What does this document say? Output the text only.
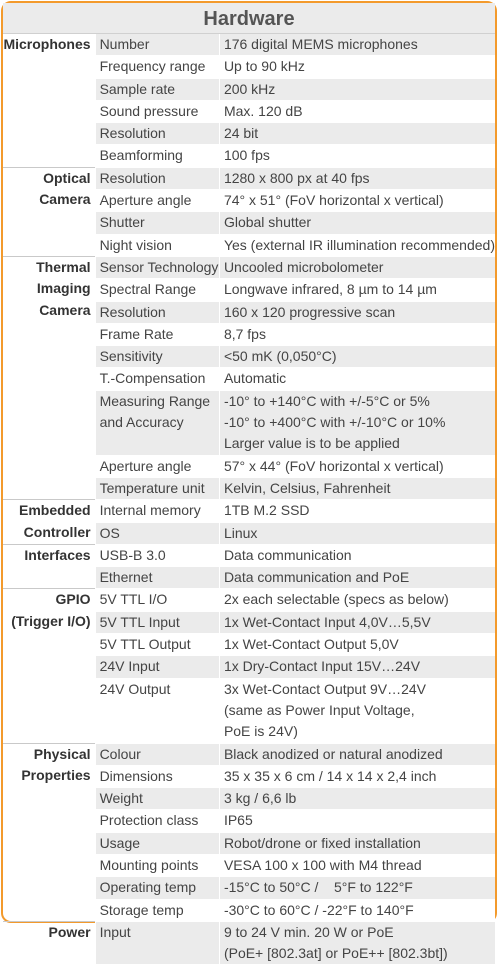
Hardware
Microphones	Number	176 digital MEMS microphones

	Frequency range	Up to 90 kHz

	Sample rate	200 kHz

	Sound pressure	Max. 120 dB

	Resolution	24 bit

	Beamforming	100 fps

Optical
Camera	Resolution	1280 x 800 px at 40 fps

	Aperture angle	74° x 51° (FoV horizontal x vertical)

	Shutter	Global shutter

	Night vision	Yes (external IR illumination recommended)

Thermal
Imaging
Camera	Sensor Technology	Uncooled microbolometer

	Spectral Range	Longwave infrared, 8 µm to 14 µm

	Resolution	160 x 120 progressive scan

	Frame Rate	8,7 fps

	Sensitivity	<50 mK (0,050°C)

	T.-Compensation	Automatic

	Measuring Range
and Accuracy	-10° to +140°C with +/-5°C or 5%
-10° to +400°C with +/-10°C or 10%
Larger value is to be applied

	Aperture angle	57° x 44° (FoV horizontal x vertical)

	Temperature unit	Kelvin, Celsius, Fahrenheit

Embedded
Controller	Internal memory	1TB M.2 SSD

	OS	Linux

Interfaces	USB-B 3.0	Data communication

	Ethernet	Data communication and PoE

GPIO
(Trigger I/O)	5V TTL I/O	2x each selectable (specs as below)

	5V TTL Input	1x Wet-Contact Input 4,0V…5,5V

	5V TTL Output	1x Wet-Contact Output 5,0V

	24V Input	1x Dry-Contact Input 15V…24V

	24V Output	3x Wet-Contact Output 9V…24V
(same as Power Input Voltage,
PoE is 24V)

Physical
Properties	Colour	Black anodized or natural anodized

	Dimensions	35 x 35 x 6 cm / 14 x 14 x 2,4 inch

	Weight	3 kg / 6,6 lb

	Protection class	IP65

	Usage	Robot/drone or fixed installation

	Mounting points	VESA 100 x 100 with M4 thread

	Operating temp	-15°C to 50°C /    5°F to 122°F

	Storage temp	-30°C to 60°C / -22°F to 140°F

Power	Input	9 to 24 V min. 20 W or PoE
(PoE+ [802.3at] or PoE++ [802.3bt])
